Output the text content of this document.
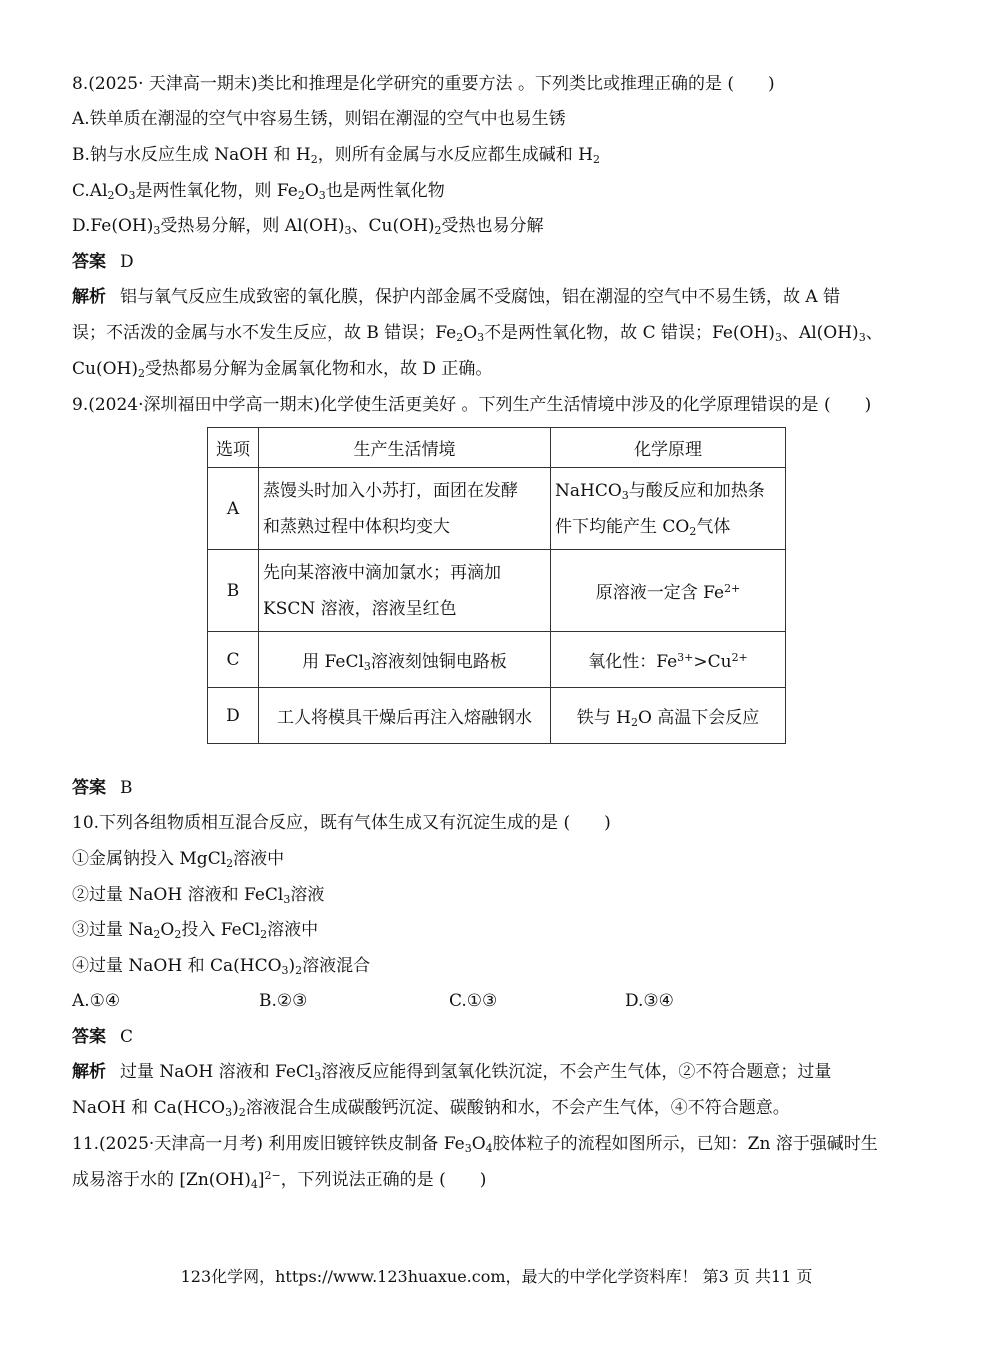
8.(2025· 天津高一期末)类比和推理是化学研究的重要方法 。下列类比或推理正确的是 (　　)
A.铁单质在潮湿的空气中容易生锈，则铝在潮湿的空气中也易生锈
B.钠与水反应生成 NaOH 和 $H_2$，则所有金属与水反应都生成碱和 $H_2$
$C.Al_2O_3$是两性氧化物，则 $Fe_2O_3$也是两性氧化物
$D.Fe(OH)_3$受热易分解，则 $Al(OH)_3$、$Cu(OH)_2$受热也易分解
答案 D
解析 铝与氧气反应生成致密的氧化膜，保护内部金属不受腐蚀，铝在潮湿的空气中不易生锈，故 A 错
误；不活泼的金属与水不发生反应，故 B 错误；$Fe_2O_3$不是两性氧化物，故 C 错误；$Fe(OH)_3$、$Al(OH)_3$、
$Cu(OH)_2$受热都易分解为金属氧化物和水，故 D 正确。
9.(2024·深圳福田中学高一期末)化学使生活更美好 。下列生产生活情境中涉及的化学原理错误的是 (　　)
选项	生产生活情境	化学原理
A	蒸馒头时加入小苏打，面团在发酵
和蒸熟过程中体积均变大	NaHCO$_3$与酸反应和加热条
件下均能产生 $CO_2$气体
B	先向某溶液中滴加氯水；再滴加
KSCN 溶液，溶液呈红色	原溶液一定含 $Fe^{2+}$
C	用 FeCl$_3$溶液刻蚀铜电路板	氧化性：$Fe^{3+}>Cu^{2+}$
D	工人将模具干燥后再注入熔融钢水	铁与 $H_2O$ 高温下会反应
答案 B
10.下列各组物质相互混合反应，既有气体生成又有沉淀生成的是 (　　)
①金属钠投入 MgCl$_2$溶液中
②过量 NaOH 溶液和 FeCl$_3$溶液
③过量 $Na_2O_2$投入 FeCl$_2$溶液中
④过量 NaOH 和 $Ca(HCO_3)_2$溶液混合
A.①④	B.②③	C.①③	D.③④
答案 C
解析 过量 NaOH 溶液和 FeCl$_3$溶液反应能得到氢氧化铁沉淀，不会产生气体，②不符合题意；过量
NaOH 和 $Ca(HCO_3)_2$溶液混合生成碳酸钙沉淀、碳酸钠和水，不会产生气体，④不符合题意。
11.(2025·天津高一月考) 利用废旧镀锌铁皮制备 $Fe_3O_4$胶体粒子的流程如图所示，已知：Zn 溶于强碱时生
成易溶于水的 $[Zn(OH)_4]^{2-}$，下列说法正确的是 (　　)
123化学网，https://www.123huaxue.com，最大的中学化学资料库！ 第3 页 共11 页
